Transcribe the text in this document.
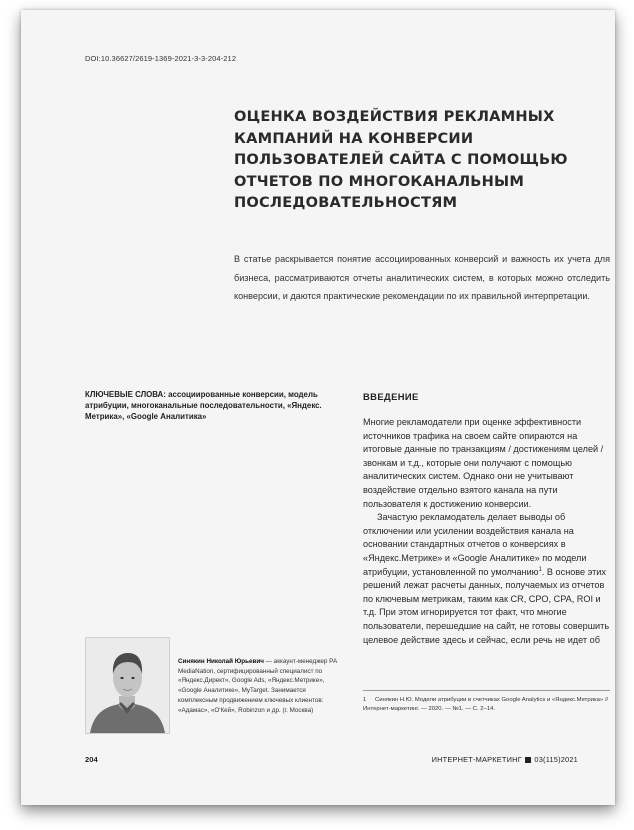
DOI:10.36627/2619-1369-2021-3-3-204-212
ОЦЕНКА ВОЗДЕЙСТВИЯ РЕКЛАМНЫХ КАМПАНИЙ НА КОНВЕРСИИ ПОЛЬЗОВАТЕЛЕЙ САЙТА С ПОМОЩЬЮ ОТЧЕТОВ ПО МНОГОКАНАЛЬНЫМ ПОСЛЕДОВАТЕЛЬНОСТЯМ

В статье раскрывается понятие ассоциированных конверсий и важность их учета для бизнеса, рассматриваются отчеты аналитических систем, в которых можно отследить конверсии, и даются практические рекомендации по их правильной интерпретации.

КЛЮЧЕВЫЕ СЛОВА: ассоциированные конверсии, модель атрибуции, многоканальные последовательности, «Яндекс. Метрика», «Google Аналитика»
ВВЕДЕНИЕ

Многие рекламодатели при оценке эффективности источников трафика на своем сайте опираются на итоговые данные по транзакциям / достижениям целей / звонкам и т.д., которые они получают с помощью аналитических систем. Однако они не учитывают воздействие отдельно взятого канала на пути пользователя к достижению конверсии.

Зачастую рекламодатель делает выводы об отключении или усилении воздействия канала на основании стандартных отчетов о конверсиях в «Яндекс.Метрике» и «Google Аналитике» по модели атрибуции, установленной по умолчанию$^1$. В основе этих решений лежат расчеты данных, получаемых из отчетов по ключевым метрикам, таким как CR, CPO, CPA, ROI и т.д. При этом игнорируется тот факт, что многие пользователи, перешедшие на сайт, не готовы совершить целевое действие здесь и сейчас, если речь не идет об

Синякин Николай Юрьевич — аккаунт-менеджер РА MediaNation, сертифицированный специалист по «Яндекс.Директ», Google Ads, «Яндекс.Метрике», «Google Аналитике», MyTarget. Занимается комплексным продвижением ключевых клиентов: «Адамас», «О'Кей», Robinzon и др. (г. Москва)
1 Синякин Н.Ю. Модели атрибуции в счетчиках Google Analytics и «Яндекс.Метрика» // Интернет-маркетинг. — 2020. — №1. — С. 2–14.
204	ИНТЕРНЕТ-МАРКЕТИНГ 03(115)2021
